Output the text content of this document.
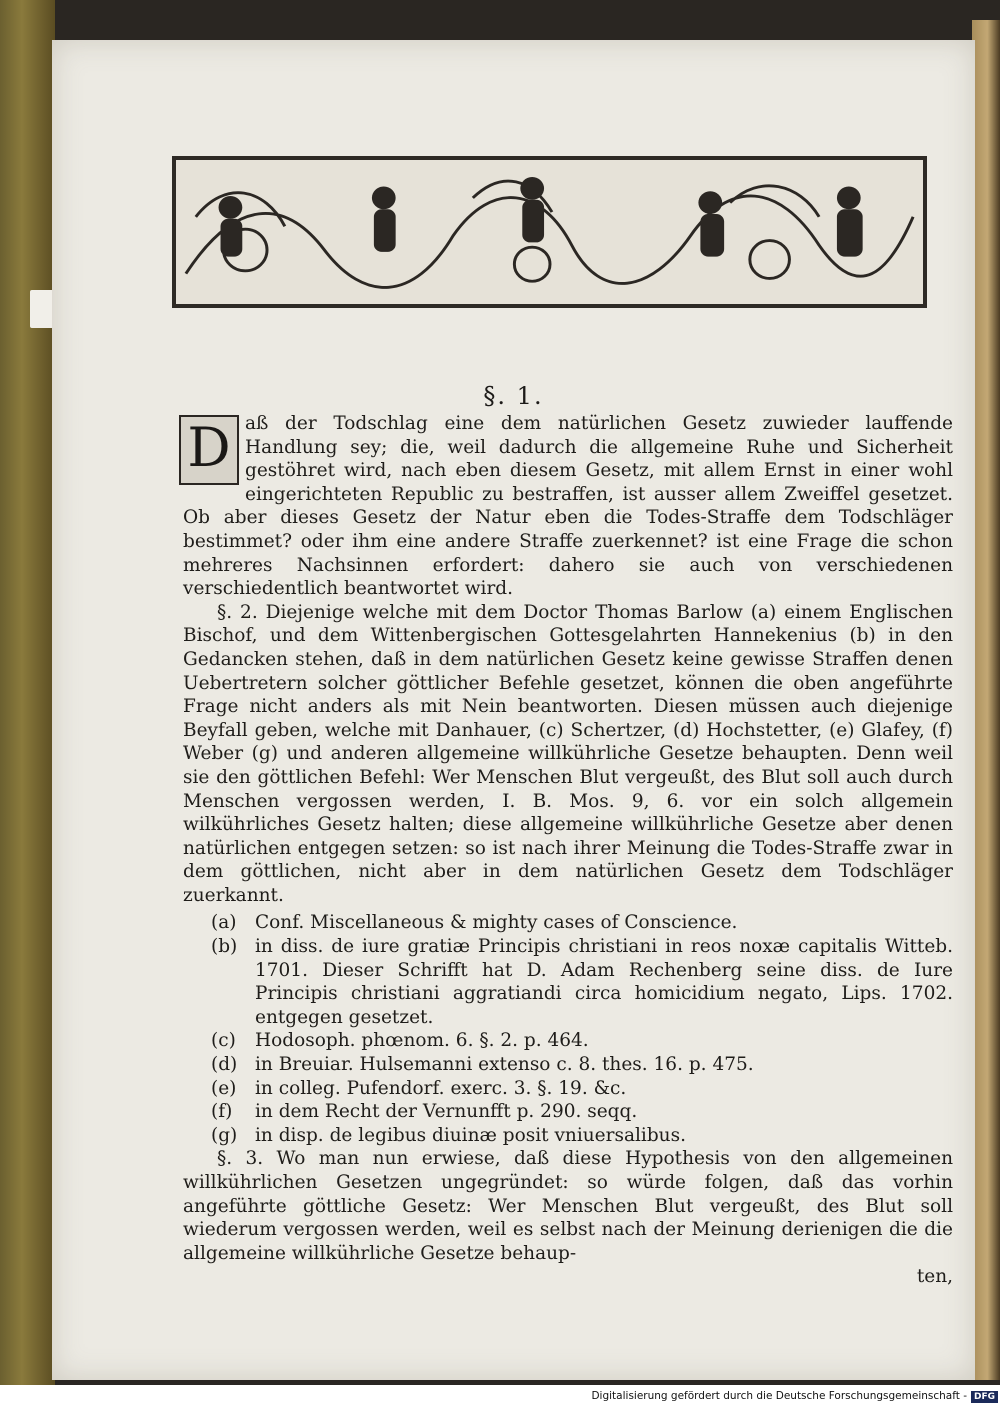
§. 1.

D aß der Todschlag eine dem natürlichen Gesetz zuwieder lauffende Handlung sey; die, weil dadurch die allgemeine Ruhe und Sicherheit gestöhret wird, nach eben diesem Gesetz, mit allem Ernst in einer wohl eingerichteten Republic zu bestraffen, ist ausser allem Zweiffel gesetzet. Ob aber dieses Gesetz der Natur eben die Todes-Straffe dem Todschläger bestimmet? oder ihm eine andere Straffe zuerkennet? ist eine Frage die schon mehreres Nachsinnen erfordert: dahero sie auch von verschiedenen verschiedentlich beantwortet wird.

§. 2. Diejenige welche mit dem Doctor Thomas Barlow (a) einem Englischen Bischof, und dem Wittenbergischen Gottesgelahrten Hannekenius (b) in den Gedancken stehen, daß in dem natürlichen Gesetz keine gewisse Straffen denen Uebertretern solcher göttlicher Befehle gesetzet, können die oben angeführte Frage nicht anders als mit Nein beantworten. Diesen müssen auch diejenige Beyfall geben, welche mit Danhauer, (c) Schertzer, (d) Hochstetter, (e) Glafey, (f) Weber (g) und anderen allgemeine willkührliche Gesetze behaupten. Denn weil sie den göttlichen Befehl: Wer Menschen Blut vergeußt, des Blut soll auch durch Menschen vergossen werden, I. B. Mos. 9, 6. vor ein solch allgemein wilkührliches Gesetz halten; diese allgemeine willkührliche Gesetze aber denen natürlichen entgegen setzen: so ist nach ihrer Meinung die Todes-Straffe zwar in dem göttlichen, nicht aber in dem natürlichen Gesetz dem Todschläger zuerkannt.

(a)	Conf. Miscellaneous & mighty cases of Conscience.
(b) in diss. de iure gratiæ Principis christiani in reos noxæ capitalis Witteb. 1701. Dieser Schrifft hat D. Adam Rechenberg seine diss. de Iure Principis christiani aggratiandi circa homicidium negato, Lips. 1702. entgegen gesetzet.
(c)	Hodosoph. phœnom. 6. §. 2. p. 464.
(d) in Breuiar. Hulsemanni extenso c. 8. thes. 16. p. 475.
(e)	in colleg. Pufendorf. exerc. 3. §. 19. &c.
(f)	in dem Recht der Vernunfft p. 290. seqq.
(g) in disp. de legibus diuinæ posit vniuersalibus.

§. 3. Wo man nun erwiese, daß diese Hypothesis von den allgemeinen willkührlichen Gesetzen ungegründet: so würde folgen, daß das vorhin angeführte göttliche Gesetz: Wer Menschen Blut vergeußt, des Blut soll wiederum vergossen werden, weil es selbst nach der Meinung derienigen die die allgemeine willkührliche Gesetze behaup-

ten,

Digitalisierung gefördert durch die Deutsche Forschungsgemeinschaft - DFG
